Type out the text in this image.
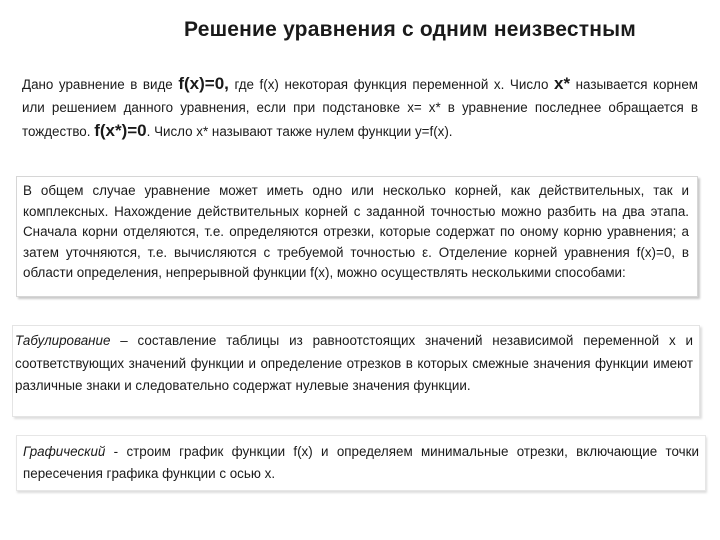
Решение уравнения с одним неизвестным

Дано уравнение в виде f(x)=0, где f(x) некоторая функция переменной x. Число x* называется корнем или решением данного уравнения, если при подстановке x= x* в уравнение последнее обращается в тождество. f(x*)=0. Число x* называют также нулем функции y=f(x).

В общем случае уравнение может иметь одно или несколько корней, как действительных, так и комплексных. Нахождение действительных корней с заданной точностью можно разбить на два этапа. Сначала корни отделяются, т.е. определяются отрезки, которые содержат по оному корню уравнения; а затем уточняются, т.е. вычисляются с требуемой точностью ε. Отделение корней уравнения f(x)=0, в области определения, непрерывной функции f(x), можно осуществлять несколькими способами:

Табулирование – составление таблицы из равноотстоящих значений независимой переменной x и соответствующих значений функции и определение отрезков в которых смежные значения функции имеют различные знаки и следовательно содержат нулевые значения функции.

Графический - строим график функции f(x) и определяем минимальные отрезки, включающие точки пересечения графика функции с осью x.
